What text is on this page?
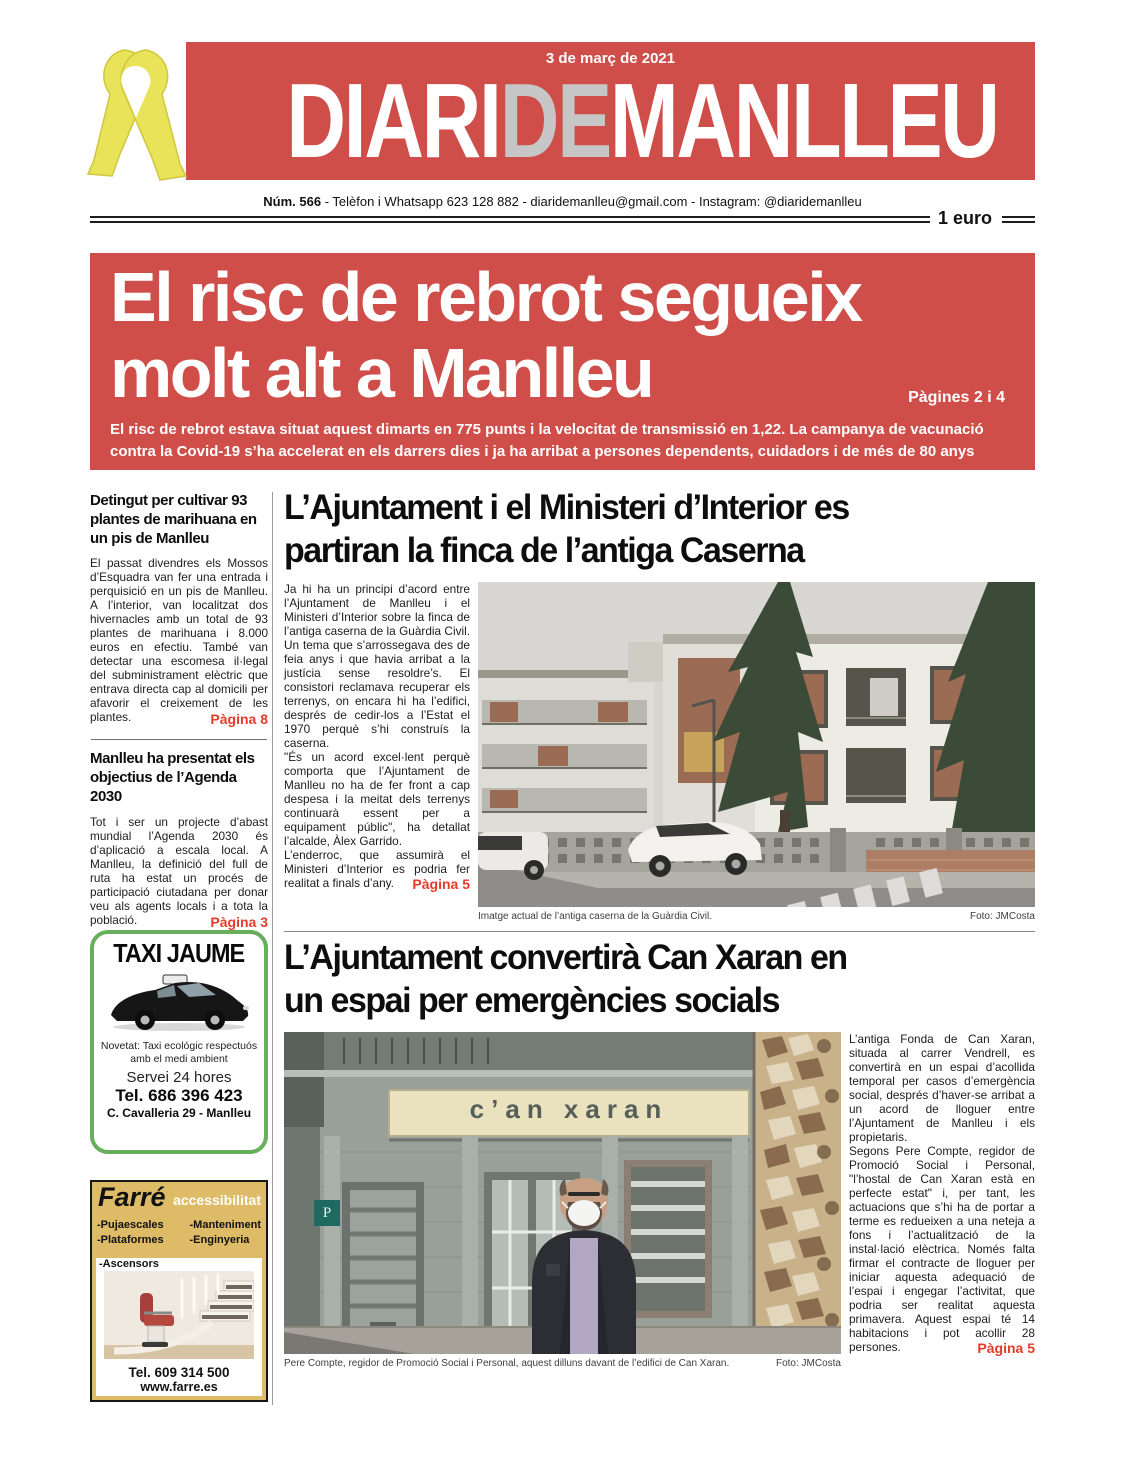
3 de març de 2021
DIARIDEMANLLEU
Núm. 566 - Telèfon i Whatsapp 623 128 882 - diaridemanlleu@gmail.com - Instagram: @diaridemanlleu
1 euro
El risc de rebrot segueix
molt alt a Manlleu	Pàgines 2 i 4
El risc de rebrot estava situat aquest dimarts en 775 punts i la velocitat de transmissió en 1,22. La campanya de vacunació contra la Covid-19 s’ha accelerat en els darrers dies i ja ha arribat a persones dependents, cuidadors i de més de 80 anys
Detingut per cultivar 93 plantes de marihuana en un pis de Manlleu
El passat divendres els Mossos d’Esquadra van fer una entrada i perquisició en un pis de Manlleu. A l’interior, van localitzat dos hivernacles amb un total de 93 plantes de marihuana i 8.000 euros en efectiu. També van detectar una escomesa il·legal del subministrament elèctric que entrava directa cap al domicili per afavorir el creixement de les plantes.	Pàgina 8
Manlleu ha presentat els objectius de l’Agenda 2030
Tot i ser un projecte d’abast mundial l’Agenda 2030 és d’aplicació a escala local. A Manlleu, la definició del full de ruta ha estat un procés de participació ciutadana per donar veu als agents locals i a tota la població.	Pàgina 3
TAXI JAUME
Novetat: Taxi ecológic respectuós
amb el medi ambient
Servei 24 hores
Tel. 686 396 423
C. Cavalleria 29 - Manlleu
Farré accessibilitat
-Pujaescales
-Plataformes
-Manteniment
-Enginyeria
-Ascensors
Tel. 609 314 500
www.farre.es
L’Ajuntament i el Ministeri d’Interior es
partiran la finca de l’antiga Caserna

Ja hi ha un principi d’acord entre l’Ajuntament de Manlleu i el Ministeri d’Interior sobre la finca de l’antiga caserna de la Guàrdia Civil. Un tema que s’arrossegava des de feia anys i que havia arribat a la justícia sense resoldre’s. El consistori reclamava recuperar els terrenys, on encara hi ha l’edifici, després de cedir-los a l’Estat el 1970 perquè s’hi construís la caserna.

"És un acord excel·lent perquè comporta que l’Ajuntament de Manlleu no ha de fer front a cap despesa i la meitat dels terrenys continuarà essent per a equipament públic", ha detallat l’alcalde, Àlex Garrido.

L’enderroc, que assumirà el Ministeri d’Interior es podria fer realitat a finals d’any.	Pàgina 5
Imatge actual de l’antiga caserna de la Guàrdia Civil.	Foto: JMCosta
L’Ajuntament convertirà Can Xaran en
un espai per emergències socials
c’an xaran
P
Pere Compte, regidor de Promoció Social i Personal, aquest dilluns davant de l’edifici de Can Xaran.	Foto: JMCosta

L’antiga Fonda de Can Xaran, situada al carrer Vendrell, es convertirà en un espai d’acollida temporal per casos d’emergència social, després d’haver-se arribat a un acord de lloguer entre l’Ajuntament de Manlleu i els propietaris.

Segons Pere Compte, regidor de Promoció Social i Personal, "l’hostal de Can Xaran està en perfecte estat" i, per tant, les actuacions que s’hi ha de portar a terme es redueixen a una neteja a fons i l’actualització de la instal·lació elèctrica. Només falta firmar el contracte de lloguer per iniciar aquesta adequació de l’espai i engegar l’activitat, que podria ser realitat aquesta primavera. Aquest espai té 14 habitacions i pot acollir 28 persones.	Pàgina 5
